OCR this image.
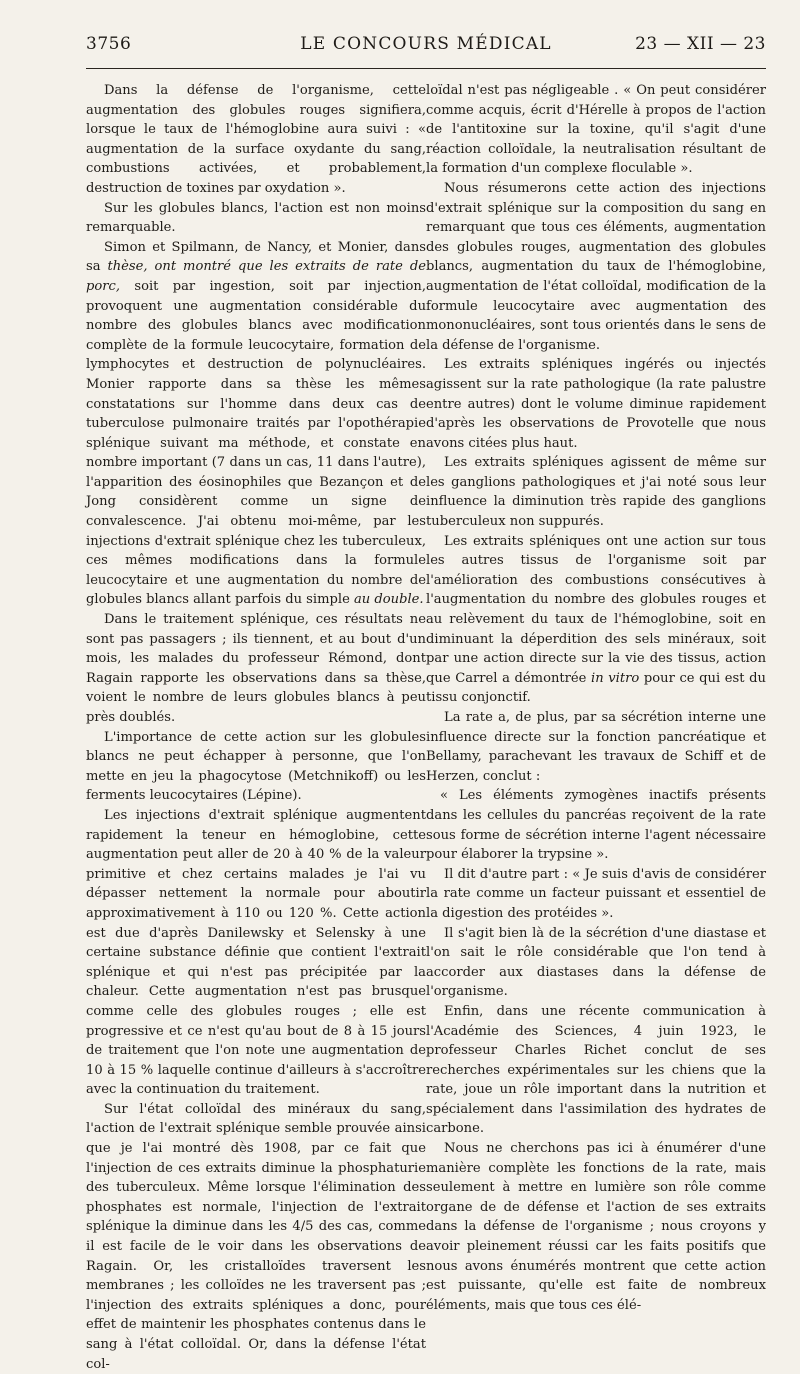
3756	LE CONCOURS MÉDICAL	23 — XII — 23

Dans la défense de l'organisme, cette augmentation des globules rouges signifiera, lorsque le taux de l'hémoglobine aura suivi : « augmentation de la surface oxydante du sang, combustions activées, et probablement, destruction de toxines par oxydation ».

Sur les globules blancs, l'action est non moins remarquable.

Simon et Spilmann, de Nancy, et Monier, dans sa thèse, ont montré que les extraits de rate de porc, soit par ingestion, soit par injection, provoquent une augmentation considérable du nombre des globules blancs avec modification complète de la formule leucocytaire, formation de lymphocytes et destruction de polynucléaires. Monier rapporte dans sa thèse les mêmes constatations sur l'homme dans deux cas de tuberculose pulmonaire traités par l'opothérapie splénique suivant ma méthode, et constate en nombre important (7 dans un cas, 11 dans l'autre), l'apparition des éosinophiles que Bezançon et de Jong considèrent comme un signe de convalescence. J'ai obtenu moi-même, par les injections d'extrait splénique chez les tuberculeux, ces mêmes modifications dans la formule leucocytaire et une augmentation du nombre de globules blancs allant parfois du simple au double.

Dans le traitement splénique, ces résultats ne sont pas passagers ; ils tiennent, et au bout d'un mois, les malades du professeur Rémond, dont Ragain rapporte les observations dans sa thèse, voient le nombre de leurs globules blancs à peu près doublés.

L'importance de cette action sur les globules blancs ne peut échapper à personne, que l'on mette en jeu la phagocytose (Metchnikoff) ou les ferments leucocytaires (Lépine).

Les injections d'extrait splénique augmentent rapidement la teneur en hémoglobine, cette augmentation peut aller de 20 à 40 % de la valeur primitive et chez certains malades je l'ai vu dépasser nettement la normale pour aboutir approximativement à 110 ou 120 %. Cette action est due d'après Danilewsky et Selensky à une certaine substance définie que contient l'extrait splénique et qui n'est pas précipitée par la chaleur. Cette augmentation n'est pas brusque comme celle des globules rouges ; elle est progressive et ce n'est qu'au bout de 8 à 15 jours de traitement que l'on note une augmentation de 10 à 15 % laquelle continue d'ailleurs à s'accroître avec la continuation du traitement.

Sur l'état colloïdal des minéraux du sang, l'action de l'extrait splénique semble prouvée ainsi que je l'ai montré dès 1908, par ce fait que l'injection de ces extraits diminue la phosphaturie des tuberculeux. Même lorsque l'élimination des phosphates est normale, l'injection de l'extrait splénique la diminue dans les 4/5 des cas, comme il est facile de le voir dans les observations de Ragain. Or, les cristalloïdes traversent les membranes ; les colloïdes ne les traversent pas ; l'injection des extraits spléniques a donc, pour effet de maintenir les phosphates contenus dans le sang à l'état colloïdal. Or, dans la défense l'état col-

loïdal n'est pas négligeable . « On peut considérer comme acquis, écrit d'Hérelle à propos de l'action de l'antitoxine sur la toxine, qu'il s'agit d'une réaction colloïdale, la neutralisation résultant de la formation d'un complexe floculable ».

Nous résumerons cette action des injections d'extrait splénique sur la composition du sang en remarquant que tous ces éléments, augmentation des globules rouges, augmentation des globules blancs, augmentation du taux de l'hémoglobine, augmentation de l'état colloïdal, modification de la formule leucocytaire avec augmentation des mononucléaires, sont tous orientés dans le sens de la défense de l'organisme.

Les extraits spléniques ingérés ou injectés agissent sur la rate pathologique (la rate palustre entre autres) dont le volume diminue rapidement d'après les observations de Provotelle que nous avons citées plus haut.

Les extraits spléniques agissent de même sur les ganglions pathologiques et j'ai noté sous leur influence la diminution très rapide des ganglions tuberculeux non suppurés.

Les extraits spléniques ont une action sur tous les autres tissus de l'organisme soit par l'amélioration des combustions consécutives à l'augmentation du nombre des globules rouges et au relèvement du taux de l'hémoglobine, soit en diminuant la déperdition des sels minéraux, soit par une action directe sur la vie des tissus, action que Carrel a démontrée in vitro pour ce qui est du tissu conjonctif.

La rate a, de plus, par sa sécrétion interne une influence directe sur la fonction pancréatique et Bellamy, parachevant les travaux de Schiff et de Herzen, conclut :

« Les éléments zymogènes inactifs présents dans les cellules du pancréas reçoivent de la rate sous forme de sécrétion interne l'agent nécessaire pour élaborer la trypsine ».

Il dit d'autre part : « Je suis d'avis de considérer la rate comme un facteur puissant et essentiel de la digestion des protéides ».

Il s'agit bien là de la sécrétion d'une diastase et l'on sait le rôle considérable que l'on tend à accorder aux diastases dans la défense de l'organisme.

Enfin, dans une récente communication à l'Académie des Sciences, 4 juin 1923, le professeur Charles Richet conclut de ses recherches expérimentales sur les chiens que la rate, joue un rôle important dans la nutrition et spécialement dans l'assimilation des hydrates de carbone.

Nous ne cherchons pas ici à énumérer d'une manière complète les fonctions de la rate, mais seulement à mettre en lumière son rôle comme organe de de défense et l'action de ses extraits dans la défense de l'organisme ; nous croyons y avoir pleinement réussi car les faits positifs que nous avons énumérés montrent que cette action est puissante, qu'elle est faite de nombreux éléments, mais que tous ces élé-
